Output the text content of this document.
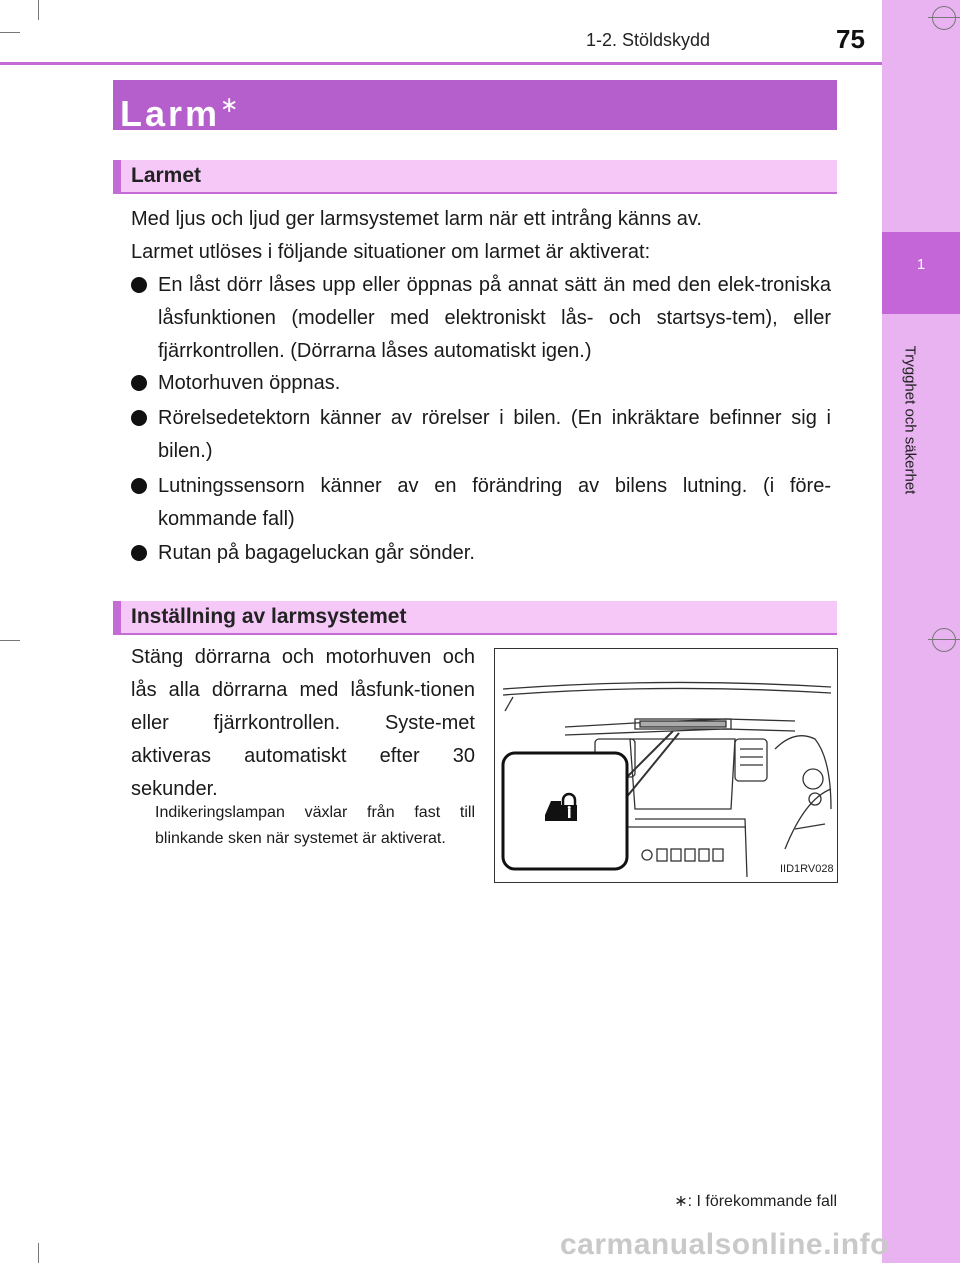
1
Trygghet och säkerhet
1-2. Stöldskydd	75
Larm∗
Larmet
Med ljus och ljud ger larmsystemet larm när ett intrång känns av.
Larmet utlöses i följande situationer om larmet är aktiverat:
En låst dörr låses upp eller öppnas på annat sätt än med den elek-troniska låsfunktionen (modeller med elektroniskt lås- och startsys-tem), eller fjärrkontrollen. (Dörrarna låses automatiskt igen.)
Motorhuven öppnas.
Rörelsedetektorn känner av rörelser i bilen. (En inkräktare befinner sig i bilen.)
Lutningssensorn känner av en förändring av bilens lutning. (i före-kommande fall)
Rutan på bagageluckan går sönder.
Inställning av larmsystemet
Stäng dörrarna och motorhuven och lås alla dörrarna med låsfunk-tionen eller fjärrkontrollen. Syste-met aktiveras automatiskt efter 30 sekunder.
Indikeringslampan växlar från fast till blinkande sken när systemet är aktiverat.
IID1RV028
∗: I förekommande fall
carmanualsonline.info
